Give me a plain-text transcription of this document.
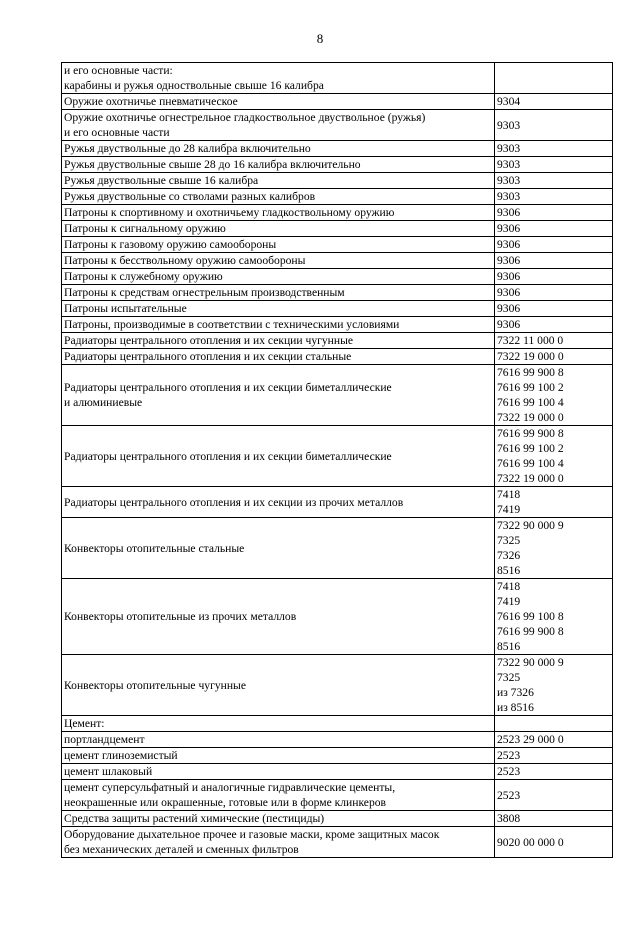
8
и его основные части:
карабины и ружья одноствольные свыше 16 калибра	

Оружие охотничье пневматическое	9304

Оружие охотничье огнестрельное гладкоствольное двуствольное (ружья)
и его основные части	9303

Ружья двуствольные до 28 калибра включительно	9303

Ружья двуствольные свыше 28 до 16 калибра включительно	9303

Ружья двуствольные свыше 16 калибра	9303

Ружья двуствольные со стволами разных калибров	9303

Патроны к спортивному и охотничьему гладкоствольному оружию	9306

Патроны к сигнальному оружию	9306

Патроны к газовому оружию самообороны	9306

Патроны к бесствольному оружию самообороны	9306

Патроны к служебному оружию	9306

Патроны к средствам огнестрельным производственным	9306

Патроны испытательные	9306

Патроны, производимые в соответствии с техническими условиями	9306

Радиаторы центрального отопления и их секции чугунные	7322 11 000 0

Радиаторы центрального отопления и их секции стальные	7322 19 000 0

Радиаторы центрального отопления и их секции биметаллические
и алюминиевые	7616 99 900 8
7616 99 100 2
7616 99 100 4
7322 19 000 0

Радиаторы центрального отопления и их секции биметаллические	7616 99 900 8
7616 99 100 2
7616 99 100 4
7322 19 000 0

Радиаторы центрального отопления и их секции из прочих металлов	7418
7419

Конвекторы отопительные стальные	7322 90 000 9
7325
7326
8516

Конвекторы отопительные из прочих металлов	7418
7419
7616 99 100 8
7616 99 900 8
8516

Конвекторы отопительные чугунные	7322 90 000 9
7325
из 7326
из 8516

Цемент:	

портландцемент	2523 29 000 0

цемент глиноземистый	2523

цемент шлаковый	2523

цемент суперсульфатный и аналогичные гидравлические цементы,
неокрашенные или окрашенные, готовые или в форме клинкеров	2523

Средства защиты растений химические (пестициды)	3808

Оборудование дыхательное прочее и газовые маски, кроме защитных масок
без механических деталей и сменных фильтров	9020 00 000 0
